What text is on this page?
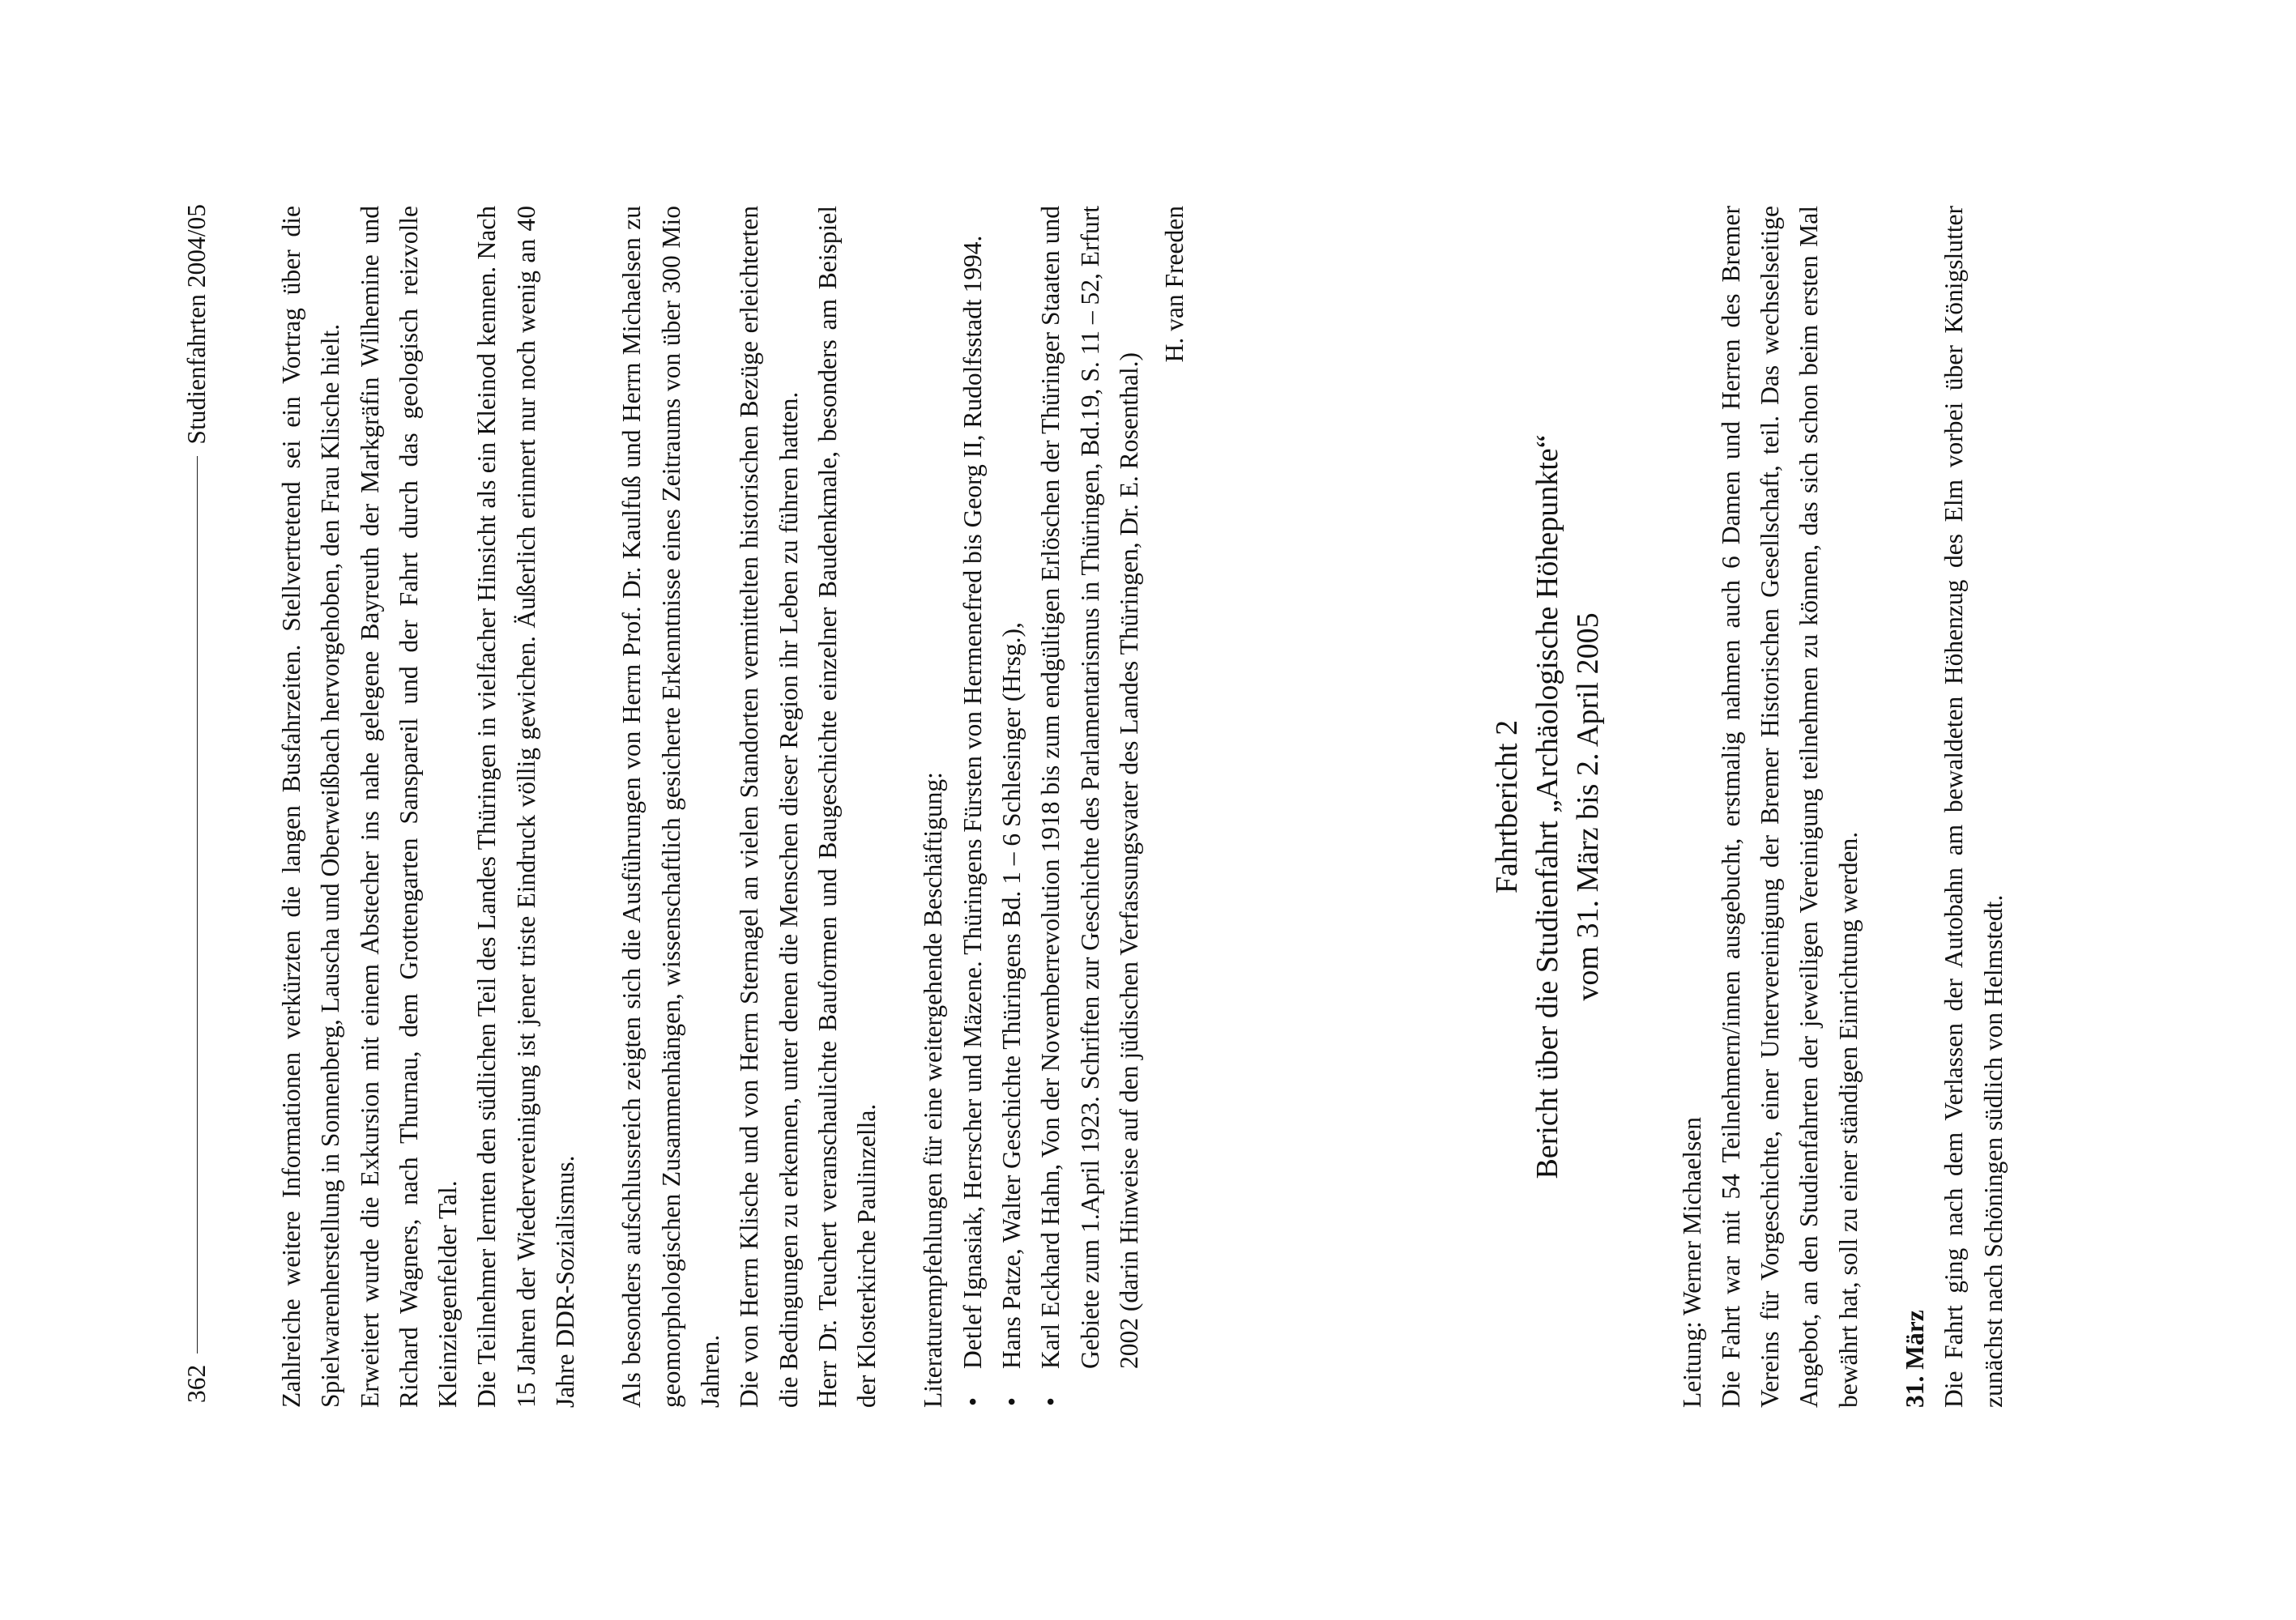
362
Studienfahrten 2004/05	Zahlreiche weitere Informationen verkürzten die langen Busfahrzeiten. Stellvertretend sei ein Vortrag über die Spielwarenherstellung in Sonnenberg, Lauscha und Oberweißbach hervorgehoben, den Frau Klische hielt. Erweitert wurde die Exkursion mit einem Abstecher ins nahe gelegene Bayreuth der Markgräfin Wilhemine und Richard Wagners, nach Thurnau, dem Grottengarten Sanspareil und der Fahrt durch das geologisch reizvolle Kleinziegenfelder Tal. Die Teilnehmer lernten den südlichen Teil des Landes Thüringen in vielfacher Hinsicht als ein Kleinod kennen. Nach 15 Jahren der Wiedervereinigung ist jener triste Eindruck völlig gewichen. Äußerlich erinnert nur noch wenig an 40 Jahre DDR-Sozialismus. Als besonders aufschlussreich zeigten sich die Ausführungen von Herrn Prof. Dr. Kaulfuß und Herrn Michaelsen zu geomorphologischen Zusammenhängen, wissenschaftlich gesicherte Erkenntnisse eines Zeitraums von über 300 Mio Jahren. Die von Herrn Klische und von Herrn Sternagel an vielen Standorten vermittelten historischen Bezüge erleichterten die Bedingungen zu erkennen, unter denen die Menschen dieser Region ihr Leben zu führen hatten. Herr Dr. Teuchert veranschaulichte Bauformen und Baugeschichte einzelner Baudenkmale, besonders am Beispiel der Klosterkirche Paulinzella. Literaturempfehlungen für eine weitergehende Beschäftigung: •
Detlef Ignasiak, Herrscher und Mäzene. Thüringens Fürsten von Hermenefred bis Georg II, Rudolfsstadt 1994.
•
Hans Patze, Walter Geschichte Thüringens Bd. 1 – 6 Schlesinger (Hrsg.),
•
Karl Eckhard Hahn, Von der Novemberrevolution 1918 bis zum endgültigen Erlöschen der Thüringer Staaten und Gebiete zum 1.April 1923. Schriften zur Geschichte des Parlamentarismus in Thüringen, Bd.19, S. 11 – 52, Erfurt 2002 (darin Hinweise auf den jüdischen Verfassungsvater des Landes Thüringen, Dr. E. Rosenthal.)

H. van Freeden

Fahrtbericht 2 Bericht über die Studienfahrt „Archäologische Höhepunkte“ vom 31. März bis 2. April 2005

Leitung: Werner Michaelsen Die Fahrt war mit 54 Teilnehmern/innen ausgebucht, erstmalig nahmen auch 6 Damen und Herren des Bremer Vereins für Vorgeschichte, einer Untervereinigung der Bremer Historischen Gesellschaft, teil. Das wechselseitige Angebot, an den Studienfahrten der jeweiligen Vereinigung teilnehmen zu können, das sich schon beim ersten Mal bewährt hat, soll zu einer ständigen Einrichtung werden. 31. März Die Fahrt ging nach dem Verlassen der Autobahn am bewaldeten Höhenzug des Elm vorbei über Königslutter zunächst nach Schöningen südlich von Helmstedt.
